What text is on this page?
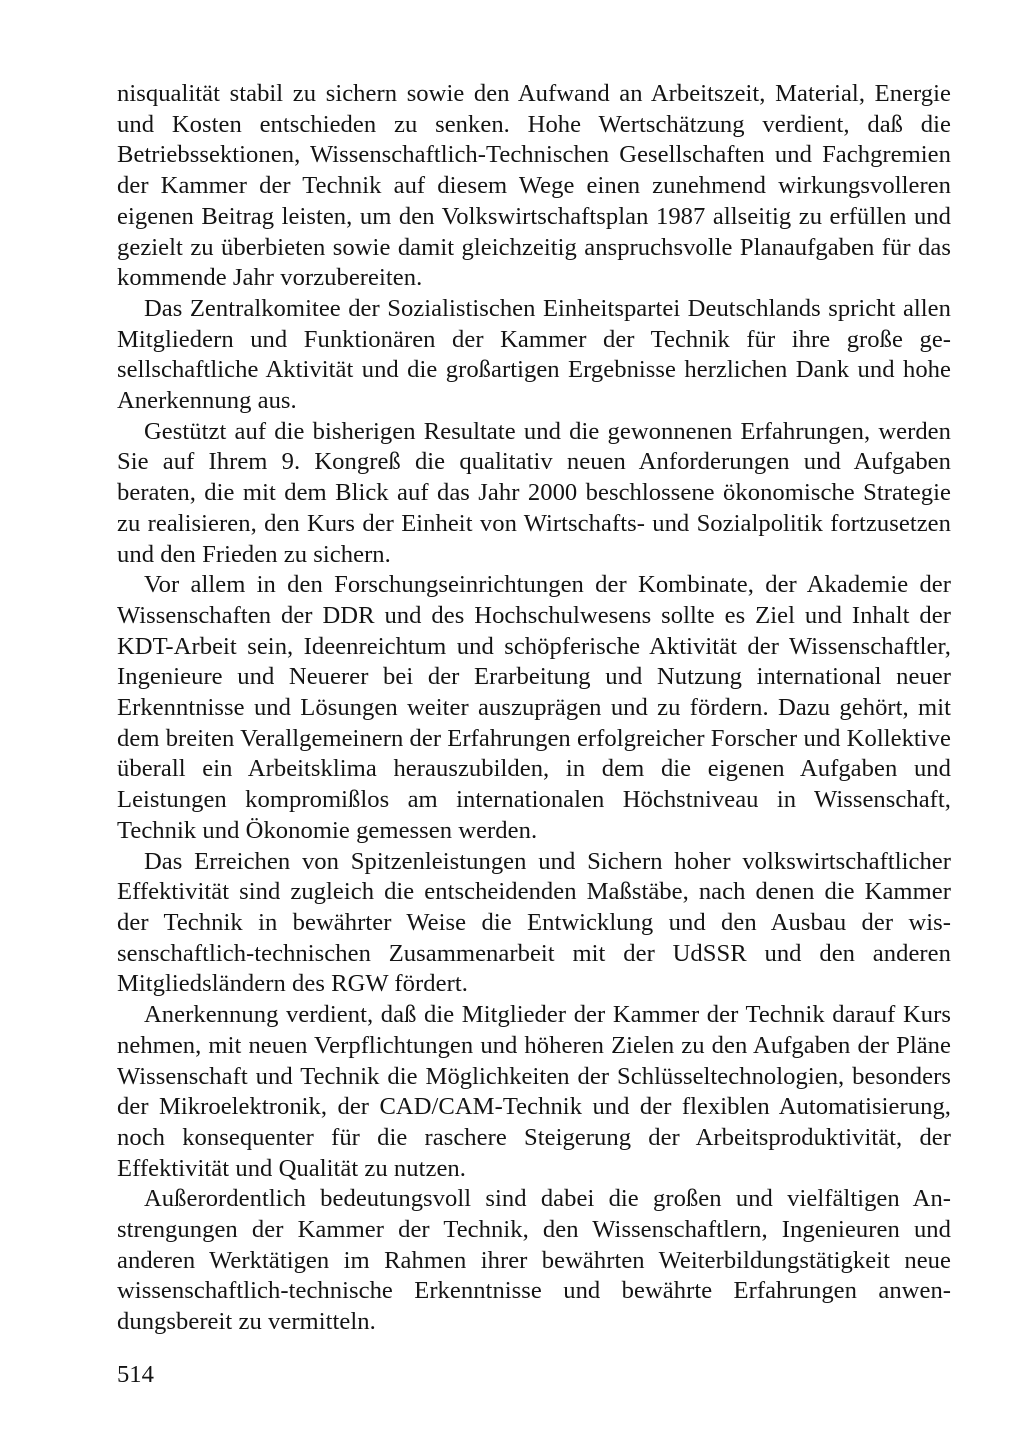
nisqualität stabil zu sichern sowie den Aufwand an Arbeitszeit, Material, Energie und Kosten entschieden zu senken. Hohe Wertschätzung verdient, daß die Betriebssektionen, Wissenschaftlich-Technischen Gesellschaften und Fachgremien der Kammer der Technik auf diesem Wege einen zunehmend wirkungsvolleren eigenen Beitrag leisten, um den Volkswirtschaftsplan 1987 allseitig zu erfüllen und gezielt zu überbieten sowie damit gleichzeitig anspruchsvolle Planaufgaben für das kommende Jahr vorzubereiten.

Das Zentralkomitee der Sozialistischen Einheitspartei Deutschlands spricht allen Mitgliedern und Funktionären der Kammer der Technik für ihre große gesellschaftliche Aktivität und die großartigen Ergebnisse herzlichen Dank und hohe Anerkennung aus.

Gestützt auf die bisherigen Resultate und die gewonnenen Erfahrungen, werden Sie auf Ihrem 9. Kongreß die qualitativ neuen Anforderungen und Aufgaben beraten, die mit dem Blick auf das Jahr 2000 beschlossene ökonomische Strategie zu realisieren, den Kurs der Einheit von Wirtschafts- und Sozialpolitik fortzusetzen und den Frieden zu sichern.

Vor allem in den Forschungseinrichtungen der Kombinate, der Akademie der Wissenschaften der DDR und des Hochschulwesens sollte es Ziel und Inhalt der KDT-Arbeit sein, Ideenreichtum und schöpferische Aktivität der Wissenschaftler, Ingenieure und Neuerer bei der Erarbeitung und Nutzung international neuer Erkenntnisse und Lösungen weiter auszuprägen und zu fördern. Dazu gehört, mit dem breiten Verallgemeinern der Erfahrungen erfolgreicher Forscher und Kollektive überall ein Arbeitsklima herauszubilden, in dem die eigenen Aufgaben und Leistungen kompromißlos am internationalen Höchstniveau in Wissenschaft, Technik und Ökonomie gemessen werden.

Das Erreichen von Spitzenleistungen und Sichern hoher volkswirtschaftlicher Effektivität sind zugleich die entscheidenden Maßstäbe, nach denen die Kammer der Technik in bewährter Weise die Entwicklung und den Ausbau der wissenschaftlich-technischen Zusammenarbeit mit der UdSSR und den anderen Mitgliedsländern des RGW fördert.

Anerkennung verdient, daß die Mitglieder der Kammer der Technik darauf Kurs nehmen, mit neuen Verpflichtungen und höheren Zielen zu den Aufgaben der Pläne Wissenschaft und Technik die Möglichkeiten der Schlüsseltechnologien, besonders der Mikroelektronik, der CAD/CAM-Technik und der flexiblen Automatisierung, noch konsequenter für die raschere Steigerung der Arbeitsproduktivität, der Effektivität und Qualität zu nutzen.

Außerordentlich bedeutungsvoll sind dabei die großen und vielfältigen Anstrengungen der Kammer der Technik, den Wissenschaftlern, Ingenieuren und anderen Werktätigen im Rahmen ihrer bewährten Weiterbildungstätigkeit neue wissenschaftlich-technische Erkenntnisse und bewährte Erfahrungen anwendungsbereit zu vermitteln.

514
